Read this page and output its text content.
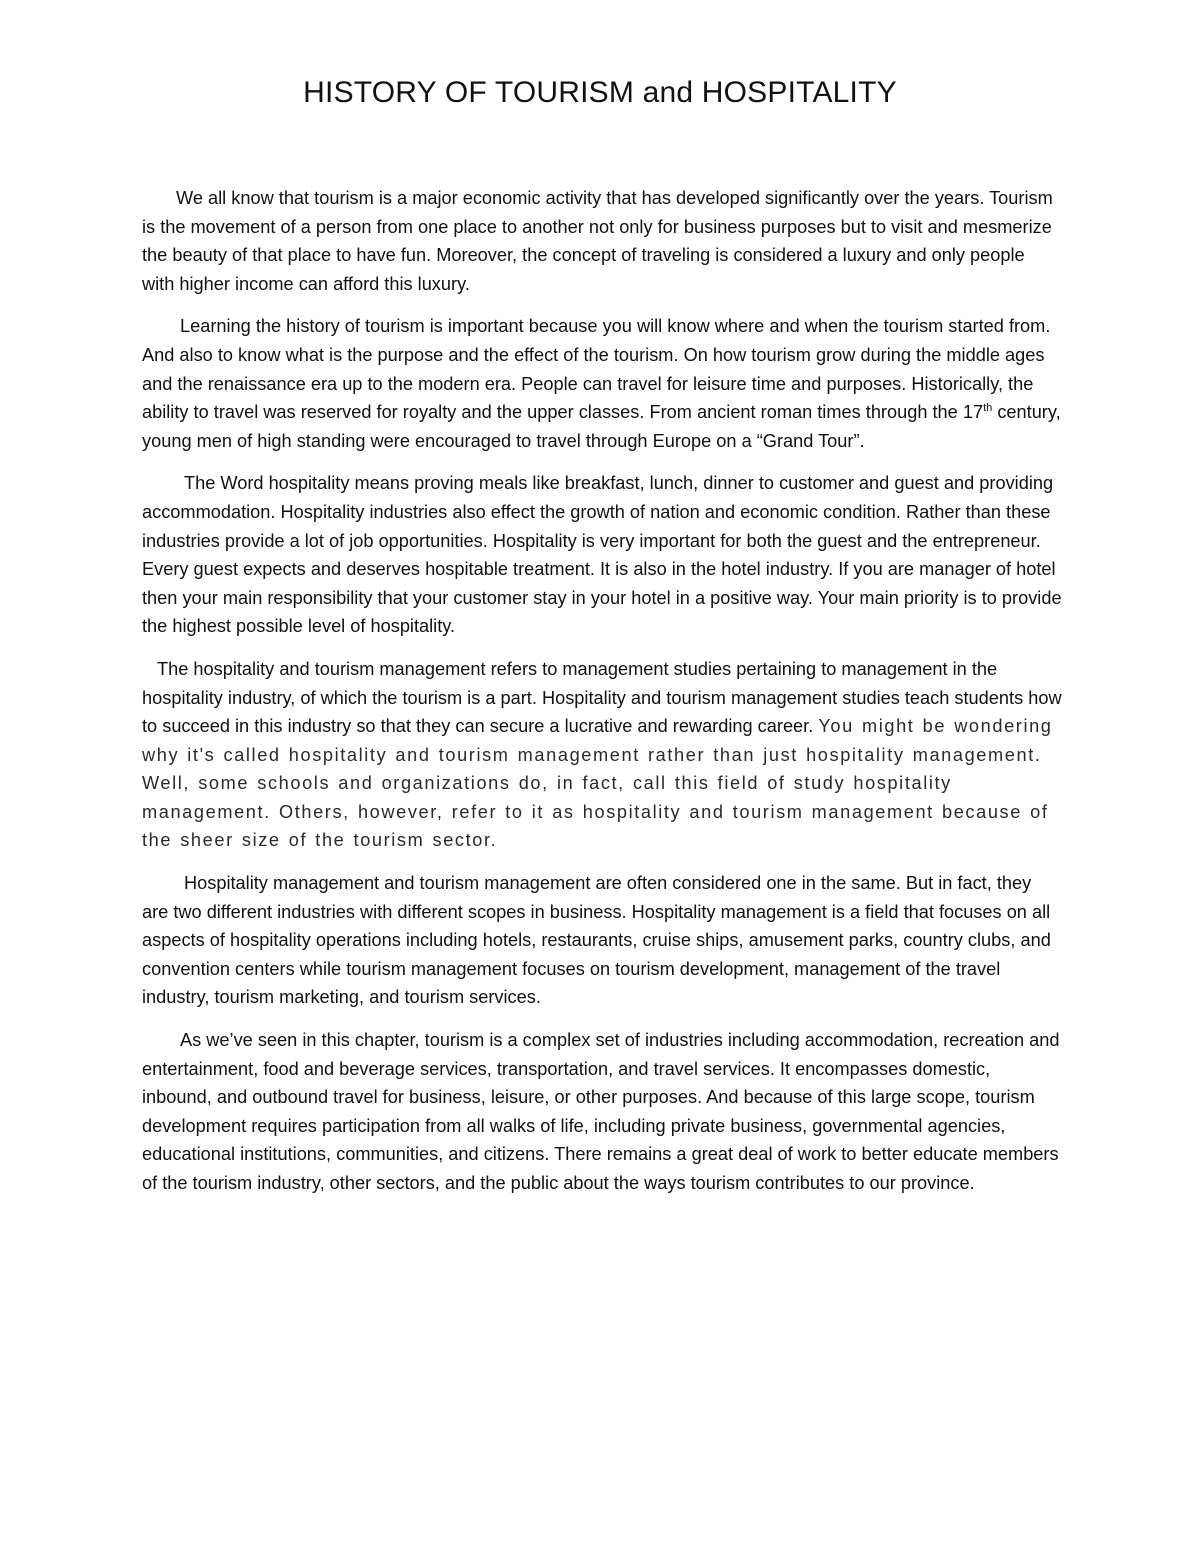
HISTORY OF TOURISM and HOSPITALITY

We all know that tourism is a major economic activity that has developed significantly over the years. Tourism is the movement of a person from one place to another not only for business purposes but to visit and mesmerize the beauty of that place to have fun. Moreover, the concept of traveling is considered a luxury and only people with higher income can afford this luxury.

Learning the history of tourism is important because you will know where and when the tourism started from. And also to know what is the purpose and the effect of the tourism. On how tourism grow during the middle ages and the renaissance era up to the modern era. People can travel for leisure time and purposes. Historically, the ability to travel was reserved for royalty and the upper classes. From ancient roman times through the 17th century, young men of high standing were encouraged to travel through Europe on a “Grand Tour”.

The Word hospitality means proving meals like breakfast, lunch, dinner to customer and guest and providing accommodation. Hospitality industries also effect the growth of nation and economic condition. Rather than these industries provide a lot of job opportunities. Hospitality is very important for both the guest and the entrepreneur. Every guest expects and deserves hospitable treatment. It is also in the hotel industry. If you are manager of hotel then your main responsibility that your customer stay in your hotel in a positive way. Your main priority is to provide the highest possible level of hospitality.

The hospitality and tourism management refers to management studies pertaining to management in the hospitality industry, of which the tourism is a part. Hospitality and tourism management studies teach students how to succeed in this industry so that they can secure a lucrative and rewarding career. You might be wondering why it's called hospitality and tourism management rather than just hospitality management. Well, some schools and organizations do, in fact, call this field of study hospitality management. Others, however, refer to it as hospitality and tourism management because of the sheer size of the tourism sector.

Hospitality management and tourism management are often considered one in the same. But in fact, they are two different industries with different scopes in business. Hospitality management is a field that focuses on all aspects of hospitality operations including hotels, restaurants, cruise ships, amusement parks, country clubs, and convention centers while tourism management focuses on tourism development, management of the travel industry, tourism marketing, and tourism services.

As we’ve seen in this chapter, tourism is a complex set of industries including accommodation, recreation and entertainment, food and beverage services, transportation, and travel services. It encompasses domestic, inbound, and outbound travel for business, leisure, or other purposes. And because of this large scope, tourism development requires participation from all walks of life, including private business, governmental agencies, educational institutions, communities, and citizens. There remains a great deal of work to better educate members of the tourism industry, other sectors, and the public about the ways tourism contributes to our province.
